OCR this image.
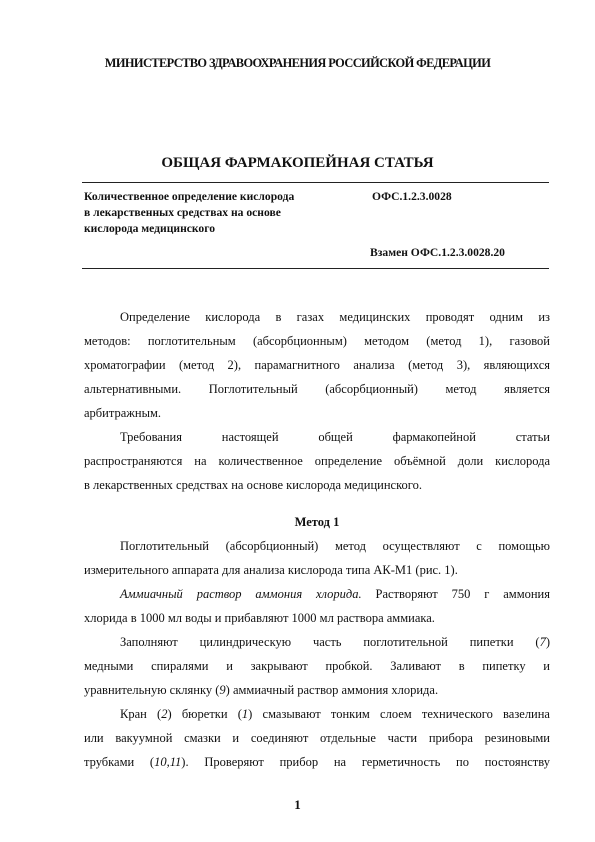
МИНИСТЕРСТВО ЗДРАВООХРАНЕНИЯ РОССИЙСКОЙ ФЕДЕРАЦИИ
ОБЩАЯ ФАРМАКОПЕЙНАЯ СТАТЬЯ
Количественное определение кислорода
в лекарственных средствах на основе
кислорода медицинского
ОФС.1.2.3.0028
Взамен ОФС.1.2.3.0028.20
Определение кислорода в газах медицинских проводят одним из
методов: поглотительным (абсорбционным) методом (метод 1), газовой
хроматографии (метод 2), парамагнитного анализа (метод 3), являющихся
альтернативными. Поглотительный (абсорбционный) метод является
арбитражным.
Требования настоящей общей фармакопейной статьи
распространяются на количественное определение объёмной доли кислорода
в лекарственных средствах на основе кислорода медицинского.
Метод 1
Поглотительный (абсорбционный) метод осуществляют с помощью
измерительного аппарата для анализа кислорода типа АК-М1 (рис. 1).
Аммиачный раствор аммония хлорида. Растворяют 750 г аммония
хлорида в 1000 мл воды и прибавляют 1000 мл раствора аммиака.
Заполняют цилиндрическую часть поглотительной пипетки (7)
медными спиралями и закрывают пробкой. Заливают в пипетку и
уравнительную склянку (9) аммиачный раствор аммония хлорида.
Кран (2) бюретки (1) смазывают тонким слоем технического вазелина
или вакуумной смазки и соединяют отдельные части прибора резиновыми
трубками (10,11). Проверяют прибор на герметичность по постоянству
1
